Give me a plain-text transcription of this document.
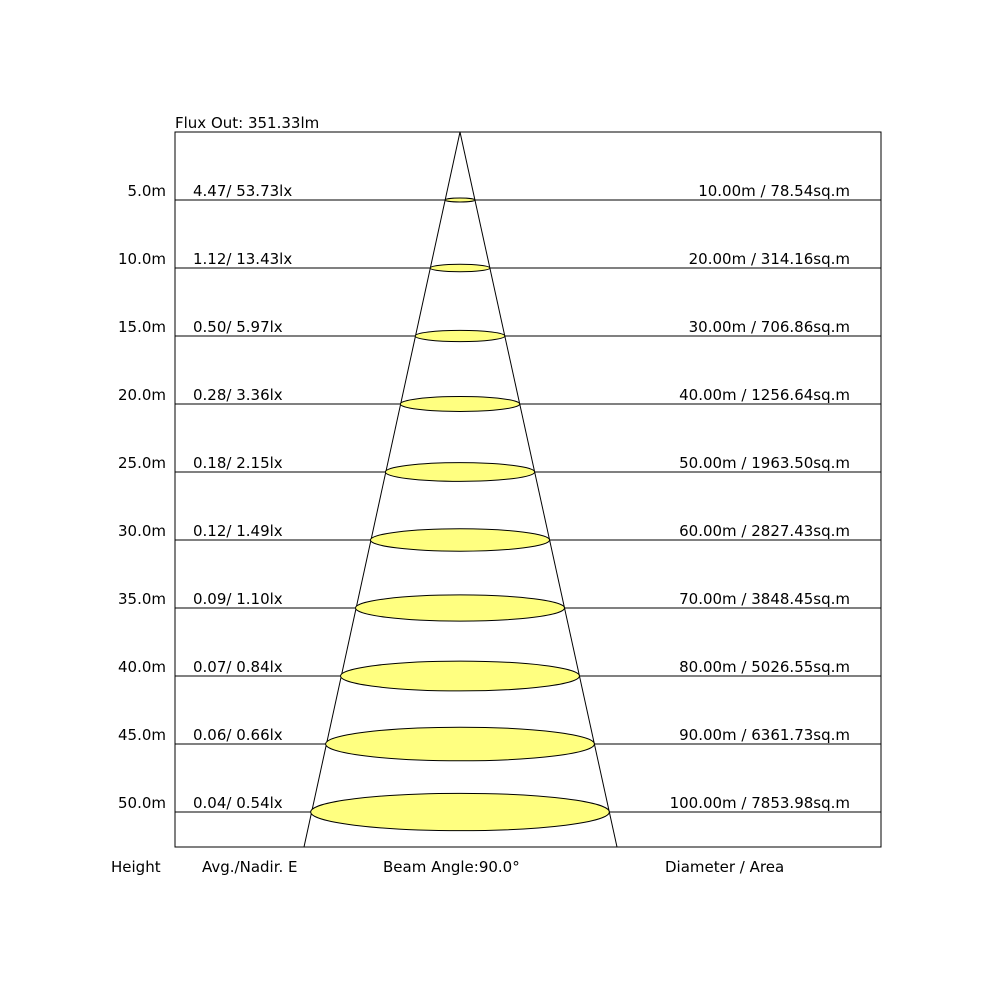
Flux Out: 351.33lm
5.0m 4.47/ 53.73lx	10.00m / 78.54sq.m
10.0m 1.12/ 13.43lx	20.00m / 314.16sq.m
15.0m 0.50/ 5.97lx	30.00m / 706.86sq.m
20.0m 0.28/ 3.36lx	40.00m / 1256.64sq.m
25.0m 0.18/ 2.15lx	50.00m / 1963.50sq.m
30.0m 0.12/ 1.49lx	60.00m / 2827.43sq.m
35.0m 0.09/ 1.10lx	70.00m / 3848.45sq.m
40.0m 0.07/ 0.84lx	80.00m / 5026.55sq.m
45.0m 0.06/ 0.66lx	90.00m / 6361.73sq.m
50.0m 0.04/ 0.54lx	100.00m / 7853.98sq.m
Height	Avg./Nadir. E	Beam Angle:90.0°	Diameter / Area
